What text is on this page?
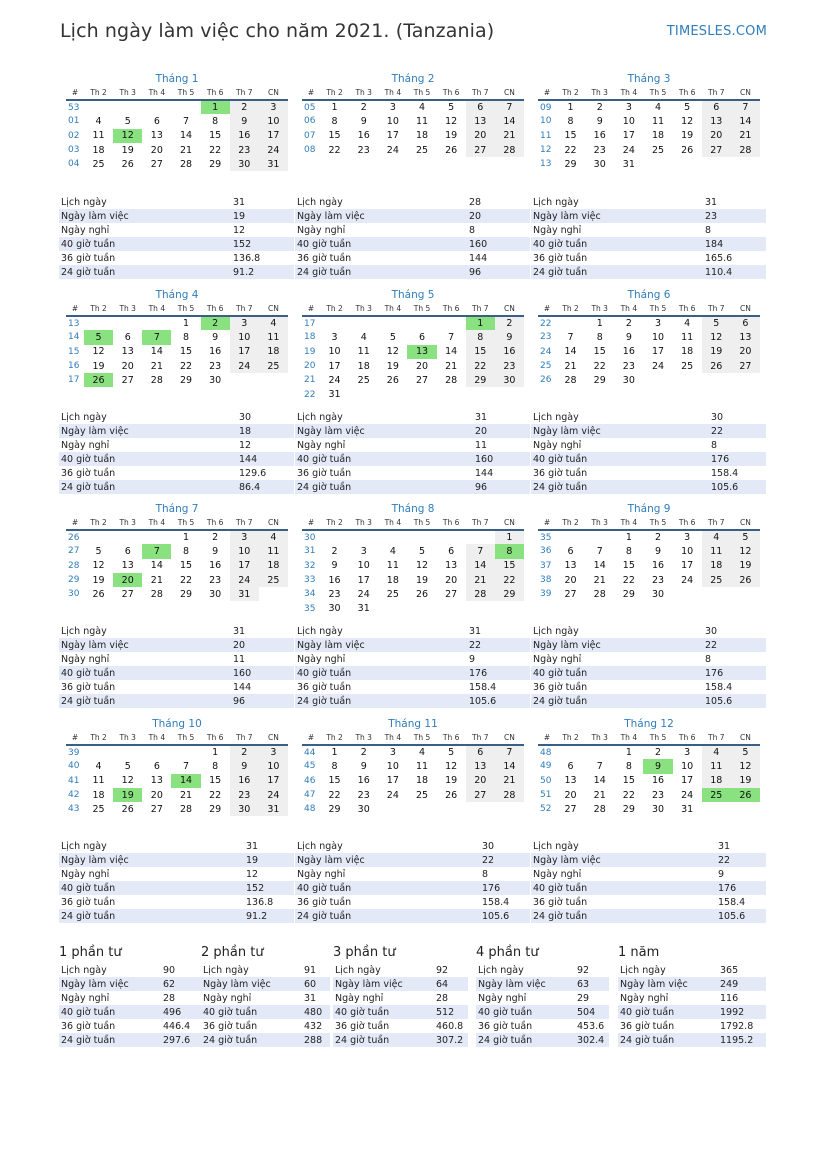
Lịch ngày làm việc cho năm 2021. (Tanzania)	TIMESLES.COM
Tháng 1
#	Th 2	Th 3	Th 4	Th 5	Th 6	Th 7	CN
53					1	2	3
01	4	5	6	7	8	9	10
02	11	12	13	14	15	16	17
03	18	19	20	21	22	23	24
04	25	26	27	28	29	30	31
Lịch ngày	31
Ngày làm việc	19
Ngày nghỉ	12
40 giờ tuần	152
36 giờ tuần	136.8
24 giờ tuần	91.2
Tháng 2
#	Th 2	Th 3	Th 4	Th 5	Th 6	Th 7	CN
05	1	2	3	4	5	6	7
06	8	9	10	11	12	13	14
07	15	16	17	18	19	20	21
08	22	23	24	25	26	27	28
Lịch ngày	28
Ngày làm việc	20
Ngày nghỉ	8
40 giờ tuần	160
36 giờ tuần	144
24 giờ tuần	96
Tháng 3
#	Th 2	Th 3	Th 4	Th 5	Th 6	Th 7	CN
09	1	2	3	4	5	6	7
10	8	9	10	11	12	13	14
11	15	16	17	18	19	20	21
12	22	23	24	25	26	27	28
13	29	30	31				
Lịch ngày	31
Ngày làm việc	23
Ngày nghỉ	8
40 giờ tuần	184
36 giờ tuần	165.6
24 giờ tuần	110.4
Tháng 4
#	Th 2	Th 3	Th 4	Th 5	Th 6	Th 7	CN
13				1	2	3	4
14	5	6	7	8	9	10	11
15	12	13	14	15	16	17	18
16	19	20	21	22	23	24	25
17	26	27	28	29	30		
Lịch ngày	30
Ngày làm việc	18
Ngày nghỉ	12
40 giờ tuần	144
36 giờ tuần	129.6
24 giờ tuần	86.4
Tháng 5
#	Th 2	Th 3	Th 4	Th 5	Th 6	Th 7	CN
17						1	2
18	3	4	5	6	7	8	9
19	10	11	12	13	14	15	16
20	17	18	19	20	21	22	23
21	24	25	26	27	28	29	30
22	31						
Lịch ngày	31
Ngày làm việc	20
Ngày nghỉ	11
40 giờ tuần	160
36 giờ tuần	144
24 giờ tuần	96
Tháng 6
#	Th 2	Th 3	Th 4	Th 5	Th 6	Th 7	CN
22		1	2	3	4	5	6
23	7	8	9	10	11	12	13
24	14	15	16	17	18	19	20
25	21	22	23	24	25	26	27
26	28	29	30				
Lịch ngày	30
Ngày làm việc	22
Ngày nghỉ	8
40 giờ tuần	176
36 giờ tuần	158.4
24 giờ tuần	105.6
Tháng 7
#	Th 2	Th 3	Th 4	Th 5	Th 6	Th 7	CN
26				1	2	3	4
27	5	6	7	8	9	10	11
28	12	13	14	15	16	17	18
29	19	20	21	22	23	24	25
30	26	27	28	29	30	31	
Lịch ngày	31
Ngày làm việc	20
Ngày nghỉ	11
40 giờ tuần	160
36 giờ tuần	144
24 giờ tuần	96
Tháng 8
#	Th 2	Th 3	Th 4	Th 5	Th 6	Th 7	CN
30							1
31	2	3	4	5	6	7	8
32	9	10	11	12	13	14	15
33	16	17	18	19	20	21	22
34	23	24	25	26	27	28	29
35	30	31					
Lịch ngày	31
Ngày làm việc	22
Ngày nghỉ	9
40 giờ tuần	176
36 giờ tuần	158.4
24 giờ tuần	105.6
Tháng 9
#	Th 2	Th 3	Th 4	Th 5	Th 6	Th 7	CN
35			1	2	3	4	5
36	6	7	8	9	10	11	12
37	13	14	15	16	17	18	19
38	20	21	22	23	24	25	26
39	27	28	29	30			
Lịch ngày	30
Ngày làm việc	22
Ngày nghỉ	8
40 giờ tuần	176
36 giờ tuần	158.4
24 giờ tuần	105.6
Tháng 10
#	Th 2	Th 3	Th 4	Th 5	Th 6	Th 7	CN
39					1	2	3
40	4	5	6	7	8	9	10
41	11	12	13	14	15	16	17
42	18	19	20	21	22	23	24
43	25	26	27	28	29	30	31
Lịch ngày	31
Ngày làm việc	19
Ngày nghỉ	12
40 giờ tuần	152
36 giờ tuần	136.8
24 giờ tuần	91.2
Tháng 11
#	Th 2	Th 3	Th 4	Th 5	Th 6	Th 7	CN
44	1	2	3	4	5	6	7
45	8	9	10	11	12	13	14
46	15	16	17	18	19	20	21
47	22	23	24	25	26	27	28
48	29	30					
Lịch ngày	30
Ngày làm việc	22
Ngày nghỉ	8
40 giờ tuần	176
36 giờ tuần	158.4
24 giờ tuần	105.6
Tháng 12
#	Th 2	Th 3	Th 4	Th 5	Th 6	Th 7	CN
48			1	2	3	4	5
49	6	7	8	9	10	11	12
50	13	14	15	16	17	18	19
51	20	21	22	23	24	25	26
52	27	28	29	30	31		
Lịch ngày	31
Ngày làm việc	22
Ngày nghỉ	9
40 giờ tuần	176
36 giờ tuần	158.4
24 giờ tuần	105.6
1 phần tư
Lịch ngày	90
Ngày làm việc	62
Ngày nghỉ	28
40 giờ tuần	496
36 giờ tuần	446.4
24 giờ tuần	297.6
2 phần tư
Lịch ngày	91
Ngày làm việc	60
Ngày nghỉ	31
40 giờ tuần	480
36 giờ tuần	432
24 giờ tuần	288
3 phần tư
Lịch ngày	92
Ngày làm việc	64
Ngày nghỉ	28
40 giờ tuần	512
36 giờ tuần	460.8
24 giờ tuần	307.2
4 phần tư
Lịch ngày	92
Ngày làm việc	63
Ngày nghỉ	29
40 giờ tuần	504
36 giờ tuần	453.6
24 giờ tuần	302.4
1 năm
Lịch ngày	365
Ngày làm việc	249
Ngày nghỉ	116
40 giờ tuần	1992
36 giờ tuần	1792.8
24 giờ tuần	1195.2
